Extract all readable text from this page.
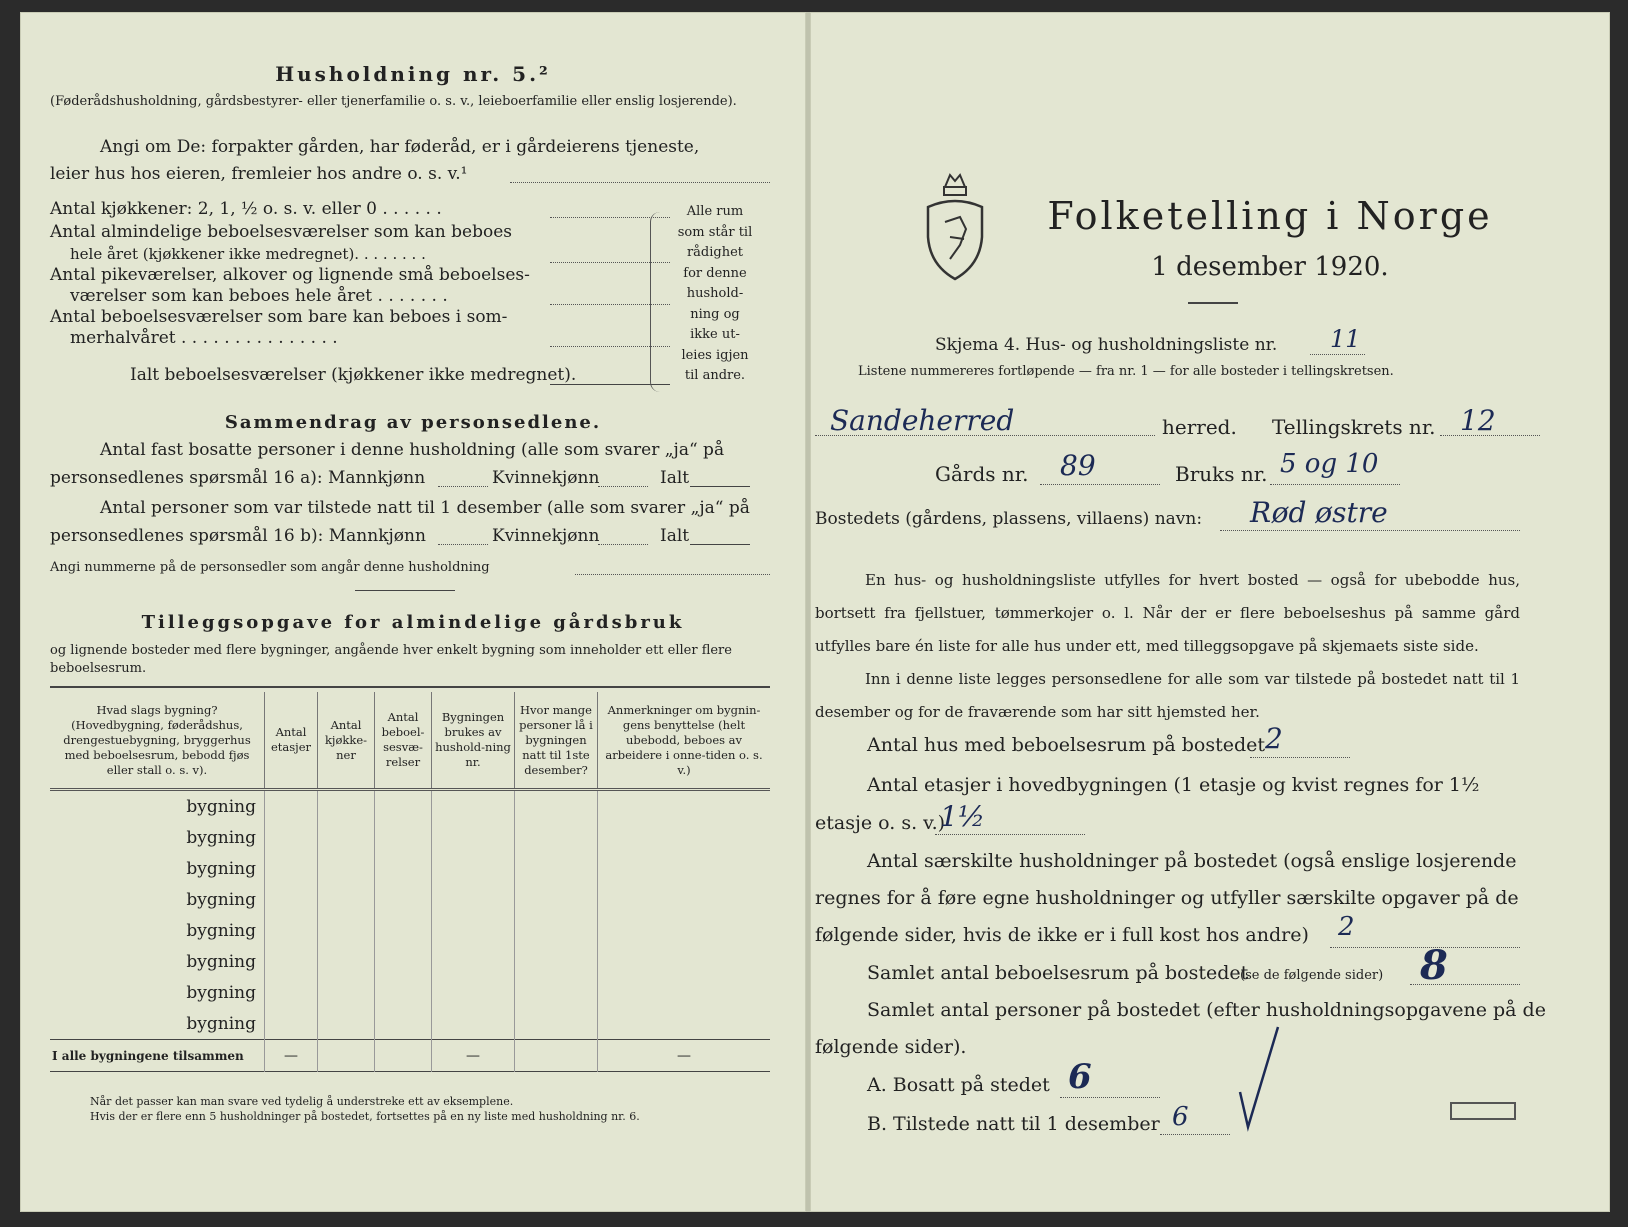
Husholdning nr. 5.²
(Føderådshusholdning, gårdsbestyrer- eller tjenerfamilie o. s. v., leieboerfamilie eller enslig losjerende).
Angi om De: forpakter gården, har føderåd, er i gårdeierens tjeneste,
leier hus hos eieren, fremleier hos andre o. s. v.¹
Antal kjøkkener: 2, 1, ½ o. s. v. eller 0 . . . . . .
Antal almindelige beboelsesværelser som kan beboes
hele året (kjøkkener ikke medregnet). . . . . . . .
Antal pikeværelser, alkover og lignende små beboelses-
værelser som kan beboes hele året . . . . . . .
Antal beboelsesværelser som bare kan beboes i som-
merhalvåret . . . . . . . . . . . . . . .
Ialt beboelsesværelser (kjøkkener ikke medregnet).
Alle rum
som står til
rådighet
for denne
hushold-
ning og
ikke ut-
leies igjen
til andre.
Sammendrag av personsedlene.
Antal fast bosatte personer i denne husholdning (alle som svarer „ja“ på
personsedlenes spørsmål 16 a): Mannkjønn	Kvinnekjønn	Ialt
Antal personer som var tilstede natt til 1 desember (alle som svarer „ja“ på
personsedlenes spørsmål 16 b): Mannkjønn	Kvinnekjønn	Ialt
Angi nummerne på de personsedler som angår denne husholdning
Tilleggsopgave for almindelige gårdsbruk
og lignende bosteder med flere bygninger, angående hver enkelt bygning som inneholder ett eller flere beboelsesrum.
Hvad slags bygning? (Hovedbygning, føderådshus, drengestuebygning, bryggerhus med beboelsesrum, bebodd fjøs eller stall o. s. v).	Antal etasjer	Antal kjøkke-ner	Antal beboel-sesvæ-relser	Bygningen brukes av hushold-ning nr.	Hvor mange personer lå i bygningen natt til 1ste desember?	Anmerkninger om bygnin-gens benyttelse (helt ubebodd, beboes av arbeidere i onne-tiden o. s. v.)
bygning						
bygning						
bygning						
bygning						
bygning						
bygning						
bygning						
bygning						
I alle bygningene tilsammen	—			—		—
Når det passer kan man svare ved tydelig å understreke ett av eksemplene.
Hvis der er flere enn 5 husholdninger på bostedet, fortsettes på en ny liste med husholdning nr. 6.
Folketelling i Norge
1 desember 1920.
Skjema 4. Hus- og husholdningsliste nr. 11
Listene nummereres fortløpende — fra nr. 1 — for alle bosteder i tellingskretsen.
Sandeherred	herred. Tellingskrets nr. 12
Gårds nr. 89	Bruks nr. 5 og 10
Bostedets (gårdens, plassens, villaens) navn: Rød østre
En hus- og husholdningsliste utfylles for hvert bosted — også for ubebodde hus, bortsett fra fjellstuer, tømmerkojer o. l. Når der er flere beboelseshus på samme gård utfylles bare én liste for alle hus under ett, med tilleggsopgave på skjemaets siste side.
Inn i denne liste legges personsedlene for alle som var tilstede på bostedet natt til 1 desember og for de fraværende som har sitt hjemsted her.
Antal hus med beboelsesrum på bostedet 2
Antal etasjer i hovedbygningen (1 etasje og kvist regnes for 1½
etasje o. s. v.)
1½
Antal særskilte husholdninger på bostedet (også enslige losjerende
regnes for å føre egne husholdninger og utfyller særskilte opgaver på de
følgende sider, hvis de ikke er i full kost hos andre) 2
Samlet antal beboelsesrum på bostedet
(se de følgende sider) 8
Samlet antal personer på bostedet (efter husholdningsopgavene på de
følgende sider).
A. Bosatt på stedet 6
B. Tilstede natt til 1 desember 6
